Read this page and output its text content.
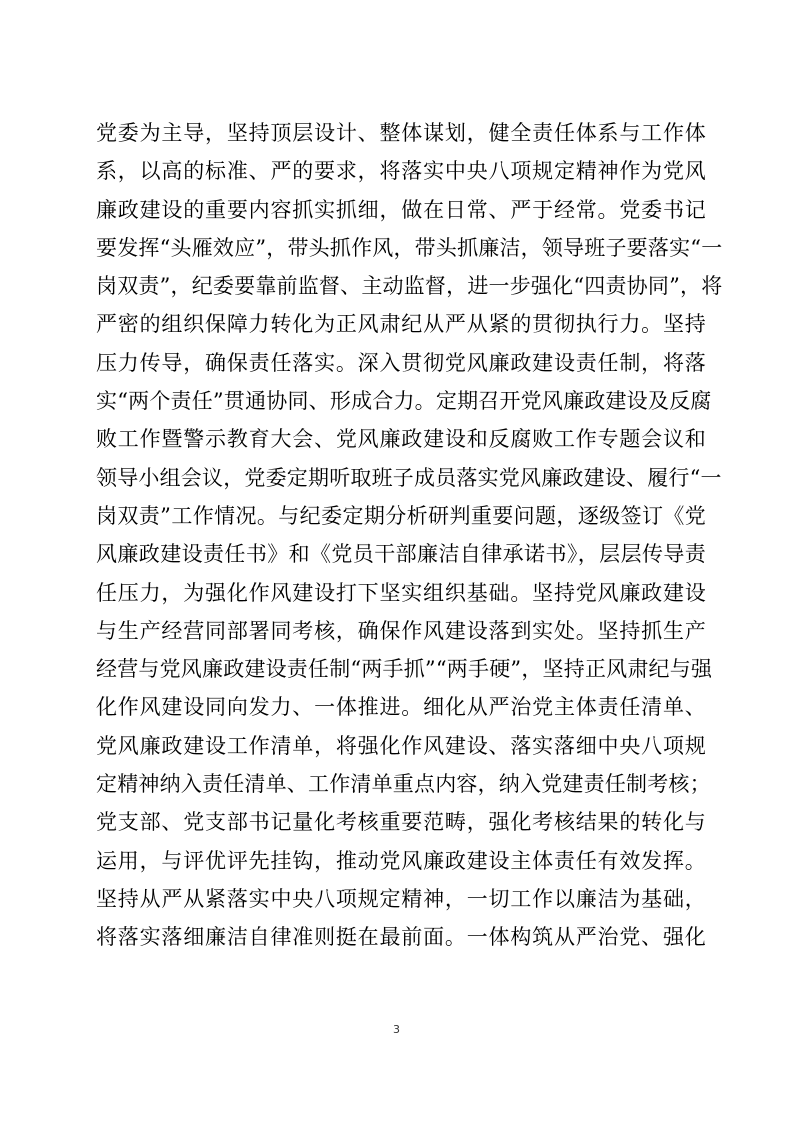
党委为主导，坚持顶层设计、整体谋划，健全责任体系与工作体
系，以高的标准、严的要求，将落实中央八项规定精神作为党风
廉政建设的重要内容抓实抓细，做在日常、严于经常。党委书记
要发挥“头雁效应”，带头抓作风，带头抓廉洁，领导班子要落实“一
岗双责”，纪委要靠前监督、主动监督，进一步强化“四责协同”，将
严密的组织保障力转化为正风肃纪从严从紧的贯彻执行力。坚持
压力传导，确保责任落实。深入贯彻党风廉政建设责任制，将落
实“两个责任”贯通协同、形成合力。定期召开党风廉政建设及反腐
败工作暨警示教育大会、党风廉政建设和反腐败工作专题会议和
领导小组会议，党委定期听取班子成员落实党风廉政建设、履行“一
岗双责”工作情况。与纪委定期分析研判重要问题，逐级签订《党
风廉政建设责任书》和《党员干部廉洁自律承诺书》，层层传导责
任压力，为强化作风建设打下坚实组织基础。坚持党风廉政建设
与生产经营同部署同考核，确保作风建设落到实处。坚持抓生产
经营与党风廉政建设责任制“两手抓”“两手硬”，坚持正风肃纪与强
化作风建设同向发力、一体推进。细化从严治党主体责任清单、
党风廉政建设工作清单，将强化作风建设、落实落细中央八项规
定精神纳入责任清单、工作清单重点内容，纳入党建责任制考核；
党支部、党支部书记量化考核重要范畴，强化考核结果的转化与
运用，与评优评先挂钩，推动党风廉政建设主体责任有效发挥。
坚持从严从紧落实中央八项规定精神，一切工作以廉洁为基础，
将落实落细廉洁自律准则挺在最前面。一体构筑从严治党、强化
3
